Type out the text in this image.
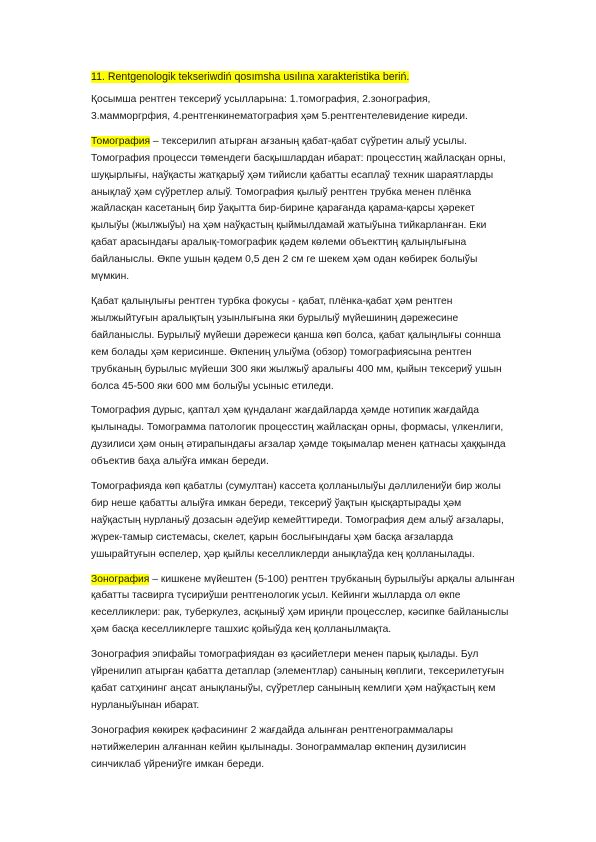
11. Rentgenologik tekseriwdiń qosımsha usılına xarakteristika beriń.

Қосымша рентген тексериў усылларына: 1.томография, 2.зонография,
3.мамморгрфия, 4.рентгенкинематография ҳәм 5.рентгентелевидение киреди.

Томография – тексерилип атырған ағзаның қабат-қабат сүўретин алыў усылы.
Томография процесси төмендеги басқышлардан ибарат: процесстиң жайласқан орны,
шуқырлығы, наўқасты жатқарыў ҳәм тийисли қабатты есаплаў техник шараятларды
анықлаў ҳәм сүўретлер алыў. Томография қылыў рентген трубка менен плёнка
жайласқан касетаның бир ўақытта бир-бирине қарағанда қарама-қарсы ҳәрекет
қылыўы (жылжыўы) на ҳәм наўқастың қыймылдамай жатыўына тийкарланған. Еки
қабат арасындағы аралық-томографик қәдем көлеми объекттиң қалыңлығына
байланыслы. Өкпе ушын қәдем 0,5 ден 2 см ге шекем ҳәм одан көбирек болыўы
мүмкин.

Қабат қалыңлығы рентген турбка фокусы - қабат, плёнка-қабат ҳәм рентген
жылжыйтуғын аралықтың узынлығына яки бурылыў мүйешиниң дәрежесине
байланыслы. Бурылыў мүйеши дәрежеси қанша көп болса, қабат қалыңлығы соннша
кем болады ҳәм керисинше. Өкпениң улыўма (обзор) томографиясына рентген
трубканың бурылыс мүйеши 300 яки жылжыў аралығы 400 мм, қыйын тексериў ушын
болса 45-500 яки 600 мм болыўы усыныс етиледи.

Томография дурыс, қаптал ҳәм қүндаланг жағдайларда ҳәмде нотипик жағдайда
қылынады. Томограмма патологик процесстиң жайласқан орны, формасы, үлкенлиги,
дузилиси ҳәм оның әтирапындағы ағзалар ҳәмде тоқымалар менен қатнасы ҳаққында
объектив баҳа алыўға имкан береди.

Томографияда көп қабатлы (сумултан) кассета қолланылыўы дәллилениўи бир жолы
бир неше қабатты алыўға имкан береди, тексериў ўақтын қысқартырады ҳәм
наўқастың нурланыў дозасын әдеўир кемейттиреди. Томография дем алыў ағзалары,
жүрек-тамыр системасы, скелет, қарын бослығындағы ҳәм басқа ағзаларда
ушырайтуғын өспелер, ҳәр қыйлы кеселликлерди анықлаўда кең қолланылады.

Зонография – кишкене мүйештен (5-100) рентген трубканың бурылыўы арқалы алынған
қабатты тасвирга түсириўши рентгенологик усыл. Кейинги жылларда ол өкпе
кеселликлери: рак, туберкулез, асқыныў ҳәм ириңли процесслер, кәсипке байланыслы
ҳәм басқа кеселликлерге ташхис қойыўда кең қолланылмақта.

Зонография эпифайы томографиядан өз қәсийетлери менен парық қылады. Бул
үйренилип атырған қабатта детаплар (элементлар) санының көплиги, тексерилетуғын
қабат сатҳининг аңсат анықланыўы, сүўретлер санының кемлиги ҳәм наўқастың кем
нурланыўынан ибарат.

Зонография көкирек қәфасининг 2 жағдайда алынған рентгенограммалары
нәтийжелерин алғаннан кейин қылынады. Зонограммалар өкпениң дузилисин
синчиклаб үйрениўге имкан береди.
